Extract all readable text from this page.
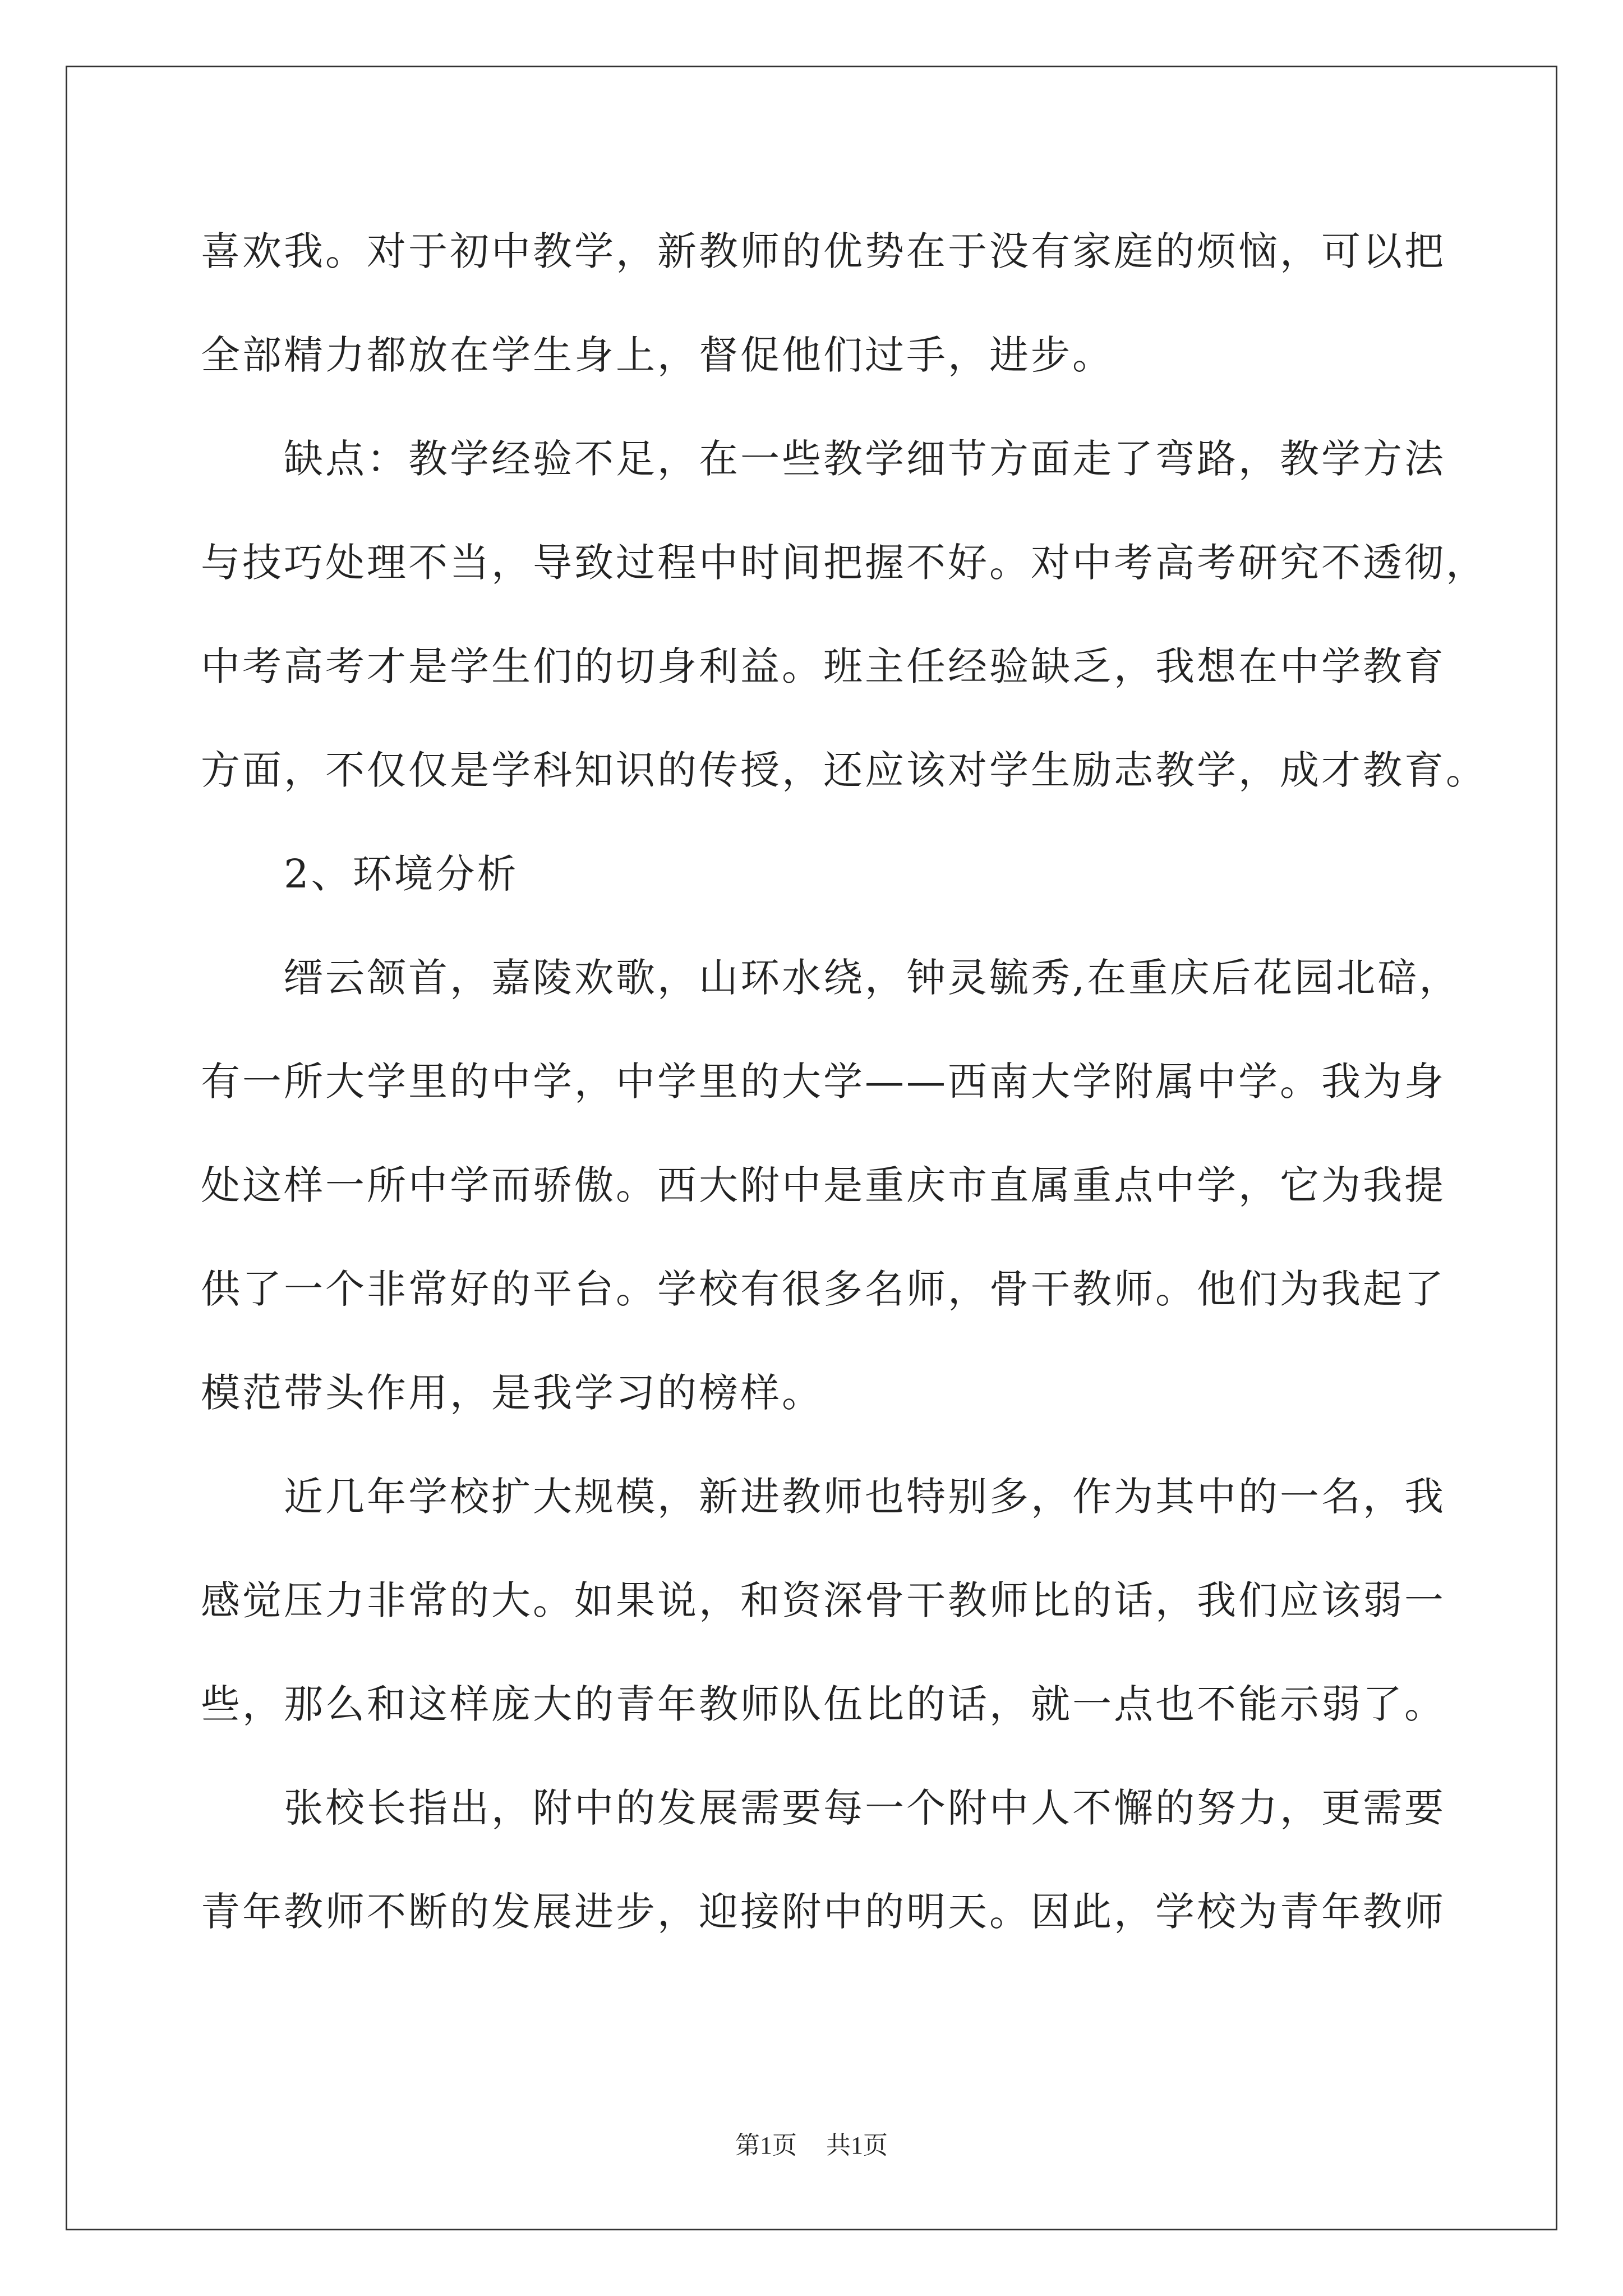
喜欢我。对于初中教学，新教师的优势在于没有家庭的烦恼，可以把
全部精力都放在学生身上，督促他们过手，进步。
缺点：教学经验不足，在一些教学细节方面走了弯路，教学方法
与技巧处理不当，导致过程中时间把握不好。对中考高考研究不透彻，
中考高考才是学生们的切身利益。班主任经验缺乏，我想在中学教育
方面，不仅仅是学科知识的传授，还应该对学生励志教学，成才教育。
2、环境分析
缙云颔首，嘉陵欢歌，山环水绕，钟灵毓秀,在重庆后花园北碚，
有一所大学里的中学，中学里的大学——西南大学附属中学。我为身
处这样一所中学而骄傲。西大附中是重庆市直属重点中学，它为我提
供了一个非常好的平台。学校有很多名师，骨干教师。他们为我起了
模范带头作用，是我学习的榜样。
近几年学校扩大规模，新进教师也特别多，作为其中的一名，我
感觉压力非常的大。如果说，和资深骨干教师比的话，我们应该弱一
些，那么和这样庞大的青年教师队伍比的话，就一点也不能示弱了。
张校长指出，附中的发展需要每一个附中人不懈的努力，更需要
青年教师不断的发展进步，迎接附中的明天。因此，学校为青年教师
第1页 共1页
